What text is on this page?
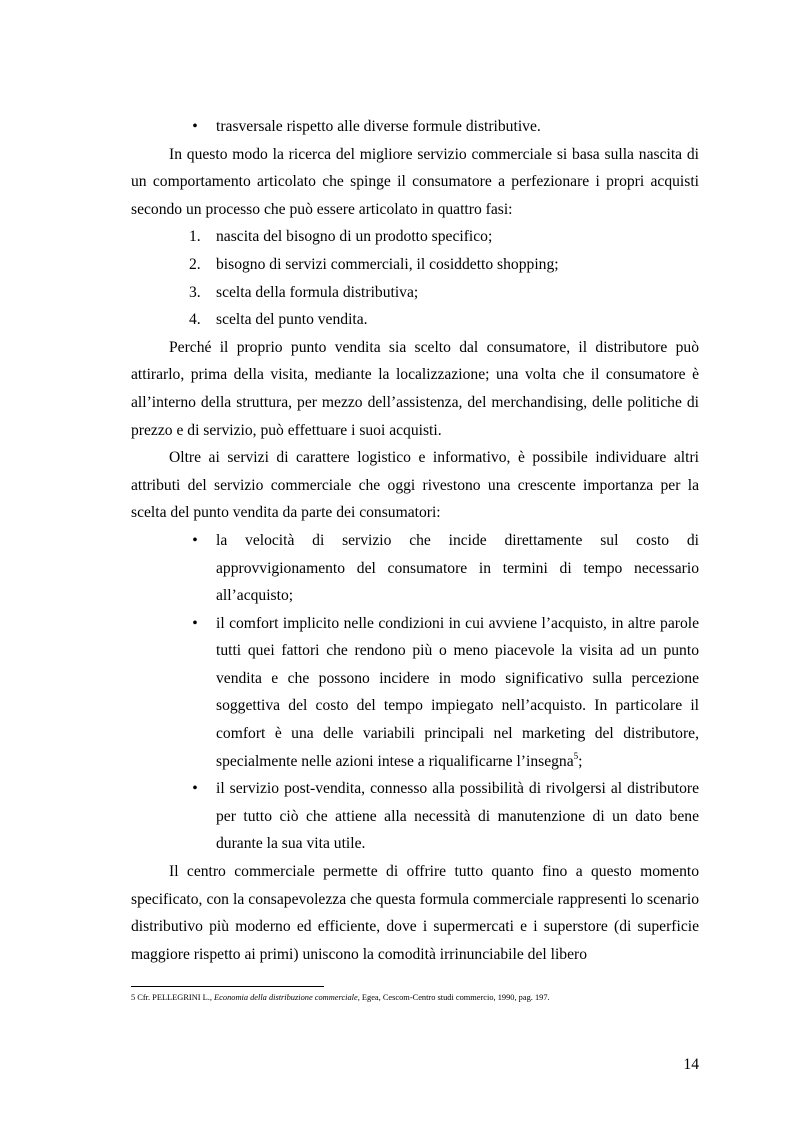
• trasversale rispetto alle diverse formule distributive.

In questo modo la ricerca del migliore servizio commerciale si basa sulla nascita di un comportamento articolato che spinge il consumatore a perfezionare i propri acquisti secondo un processo che può essere articolato in quattro fasi:

1. nascita del bisogno di un prodotto specifico;
2. bisogno di servizi commerciali, il cosiddetto shopping;
3. scelta della formula distributiva;
4. scelta del punto vendita.

Perché il proprio punto vendita sia scelto dal consumatore, il distributore può attirarlo, prima della visita, mediante la localizzazione; una volta che il consumatore è all’interno della struttura, per mezzo dell’assistenza, del merchandising, delle politiche di prezzo e di servizio, può effettuare i suoi acquisti.

Oltre ai servizi di carattere logistico e informativo, è possibile individuare altri attributi del servizio commerciale che oggi rivestono una crescente importanza per la scelta del punto vendita da parte dei consumatori:

• la velocità di servizio che incide direttamente sul costo di approvvigionamento del consumatore in termini di tempo necessario all’acquisto;
• il comfort implicito nelle condizioni in cui avviene l’acquisto, in altre parole tutti quei fattori che rendono più o meno piacevole la visita ad un punto vendita e che possono incidere in modo significativo sulla percezione soggettiva del costo del tempo impiegato nell’acquisto. In particolare il comfort è una delle variabili principali nel marketing del distributore, specialmente nelle azioni intese a riqualificarne l’insegna$^5$;
• il servizio post-vendita, connesso alla possibilità di rivolgersi al distributore per tutto ciò che attiene alla necessità di manutenzione di un dato bene durante la sua vita utile.

Il centro commerciale permette di offrire tutto quanto fino a questo momento specificato, con la consapevolezza che questa formula commerciale rappresenti lo scenario distributivo più moderno ed efficiente, dove i supermercati e i superstore (di superficie maggiore rispetto ai primi) uniscono la comodità irrinunciabile del libero

5 Cfr. PELLEGRINI L., Economia della distribuzione commerciale, Egea, Cescom-Centro studi commercio, 1990, pag. 197.
14
